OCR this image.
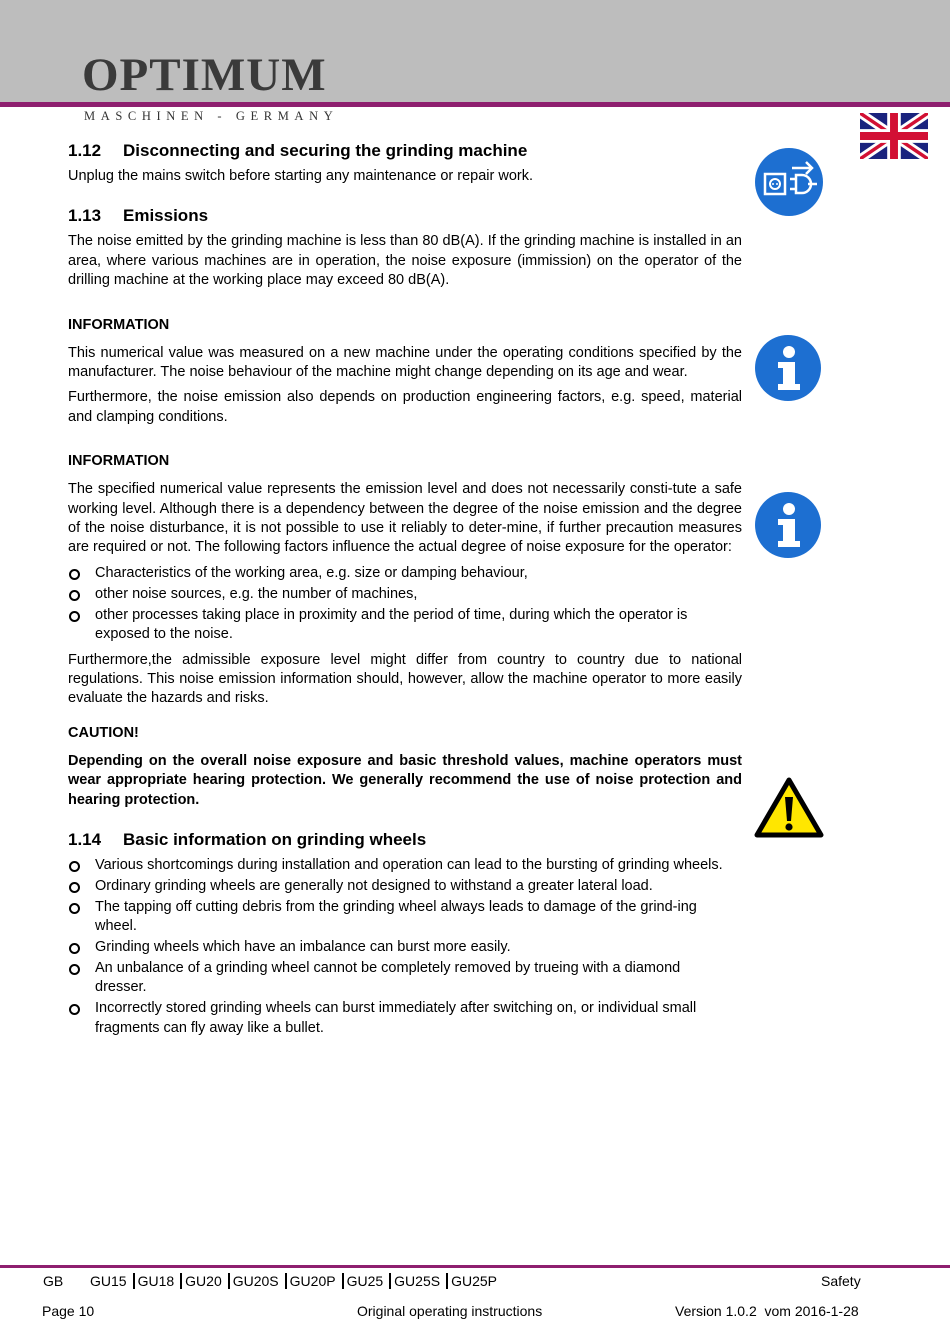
OPTIMUM
MASCHINEN - GERMANY
1.12	Disconnecting and securing the grinding machine

Unplug the mains switch before starting any maintenance or repair work.

1.13	Emissions

The noise emitted by the grinding machine is less than 80 dB(A). If the grinding machine is installed in an area, where various machines are in operation, the noise exposure (immission) on the operator of the drilling machine at the working place may exceed 80 dB(A).

INFORMATION

This numerical value was measured on a new machine under the operating conditions specified by the manufacturer. The noise behaviour of the machine might change depending on its age and wear.

Furthermore, the noise emission also depends on production engineering factors, e.g. speed, material and clamping conditions.

INFORMATION

The specified numerical value represents the emission level and does not necessarily consti-tute a safe working level. Although there is a dependency between the degree of the noise emission and the degree of the noise disturbance, it is not possible to use it reliably to deter-mine, if further precaution measures are required or not. The following factors influence the actual degree of noise exposure for the operator:

Characteristics of the working area, e.g. size or damping behaviour,
other noise sources, e.g. the number of machines,
other processes taking place in proximity and the period of time, during which the operator is exposed to the noise.

Furthermore,the admissible exposure level might differ from country to country due to national regulations. This noise emission information should, however, allow the machine operator to more easily evaluate the hazards and risks.

CAUTION!

Depending on the overall noise exposure and basic threshold values, machine operators must wear appropriate hearing protection. We generally recommend the use of noise protection and hearing protection.

1.14	Basic information on grinding wheels
Various shortcomings during installation and operation can lead to the bursting of grinding wheels.
Ordinary grinding wheels are generally not designed to withstand a greater lateral load.
The tapping off cutting debris from the grinding wheel always leads to damage of the grind-ing wheel.
Grinding wheels which have an imbalance can burst more easily.
An unbalance of a grinding wheel cannot be completely removed by trueing with a diamond dresser.
Incorrectly stored grinding wheels can burst immediately after switching on, or individual small fragments can fly away like a bullet.
GB GU15 GU18 GU20 GU20S GU20P GU25 GU25S GU25P	Safety
Page 10	Original operating instructions	Version 1.0.2  vom 2016-1-28
